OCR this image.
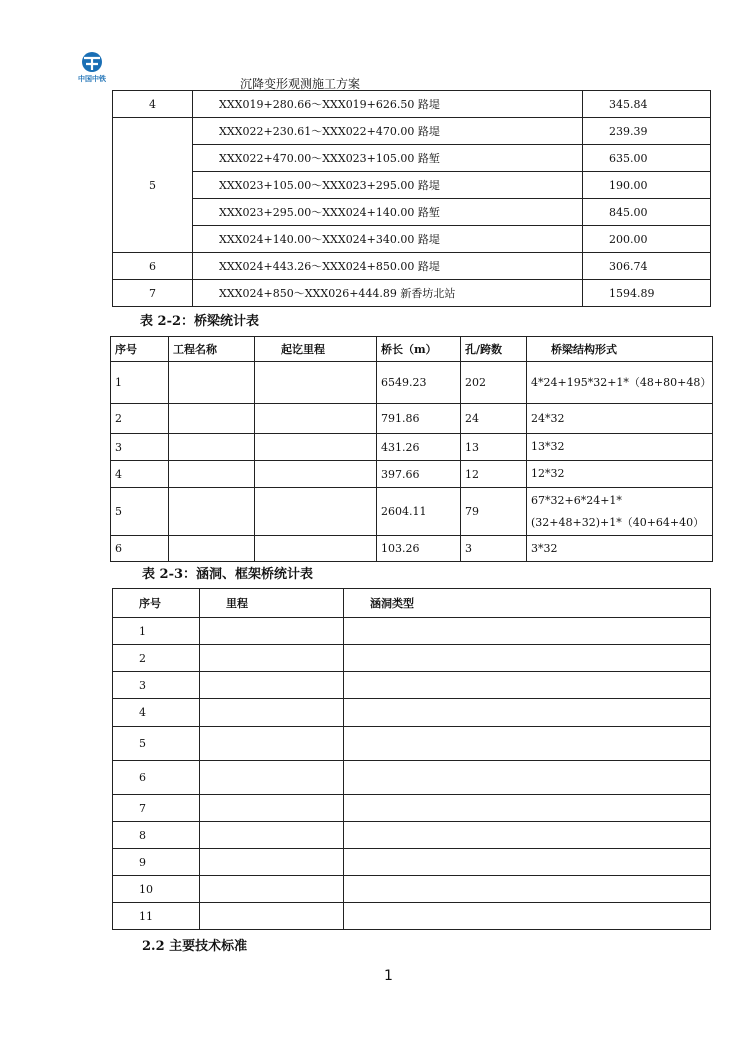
中国中铁	沉降变形观测施工方案
4	XXX019+280.66～XXX019+626.50 路堤	345.84
5	XXX022+230.61～XXX022+470.00 路堤	239.39
	XXX022+470.00～XXX023+105.00 路堑	635.00
	XXX023+105.00～XXX023+295.00 路堤	190.00
	XXX023+295.00～XXX024+140.00 路堑	845.00
	XXX024+140.00～XXX024+340.00 路堤	200.00
6	XXX024+443.26～XXX024+850.00 路堤	306.74
7	XXX024+850～XXX026+444.89 新香坊北站	1594.89
表 2-2：桥梁统计表
序号	工程名称	起讫里程	桥长（m）	孔/跨数	桥梁结构形式
1			6549.23	202	4*24+195*32+1*（48+80+48）
2			791.86	24	24*32
3			431.26	13	13*32
4			397.66	12	12*32
5			2604.11	79	67*32+6*24+1*(32+48+32)+1*（40+64+40）
6			103.26	3	3*32
表 2-3：涵洞、框架桥统计表
序号	里程	涵洞类型
1		
2		
3		
4		
5		
6		
7		
8		
9		
10		
11		
2.2 主要技术标准
1
